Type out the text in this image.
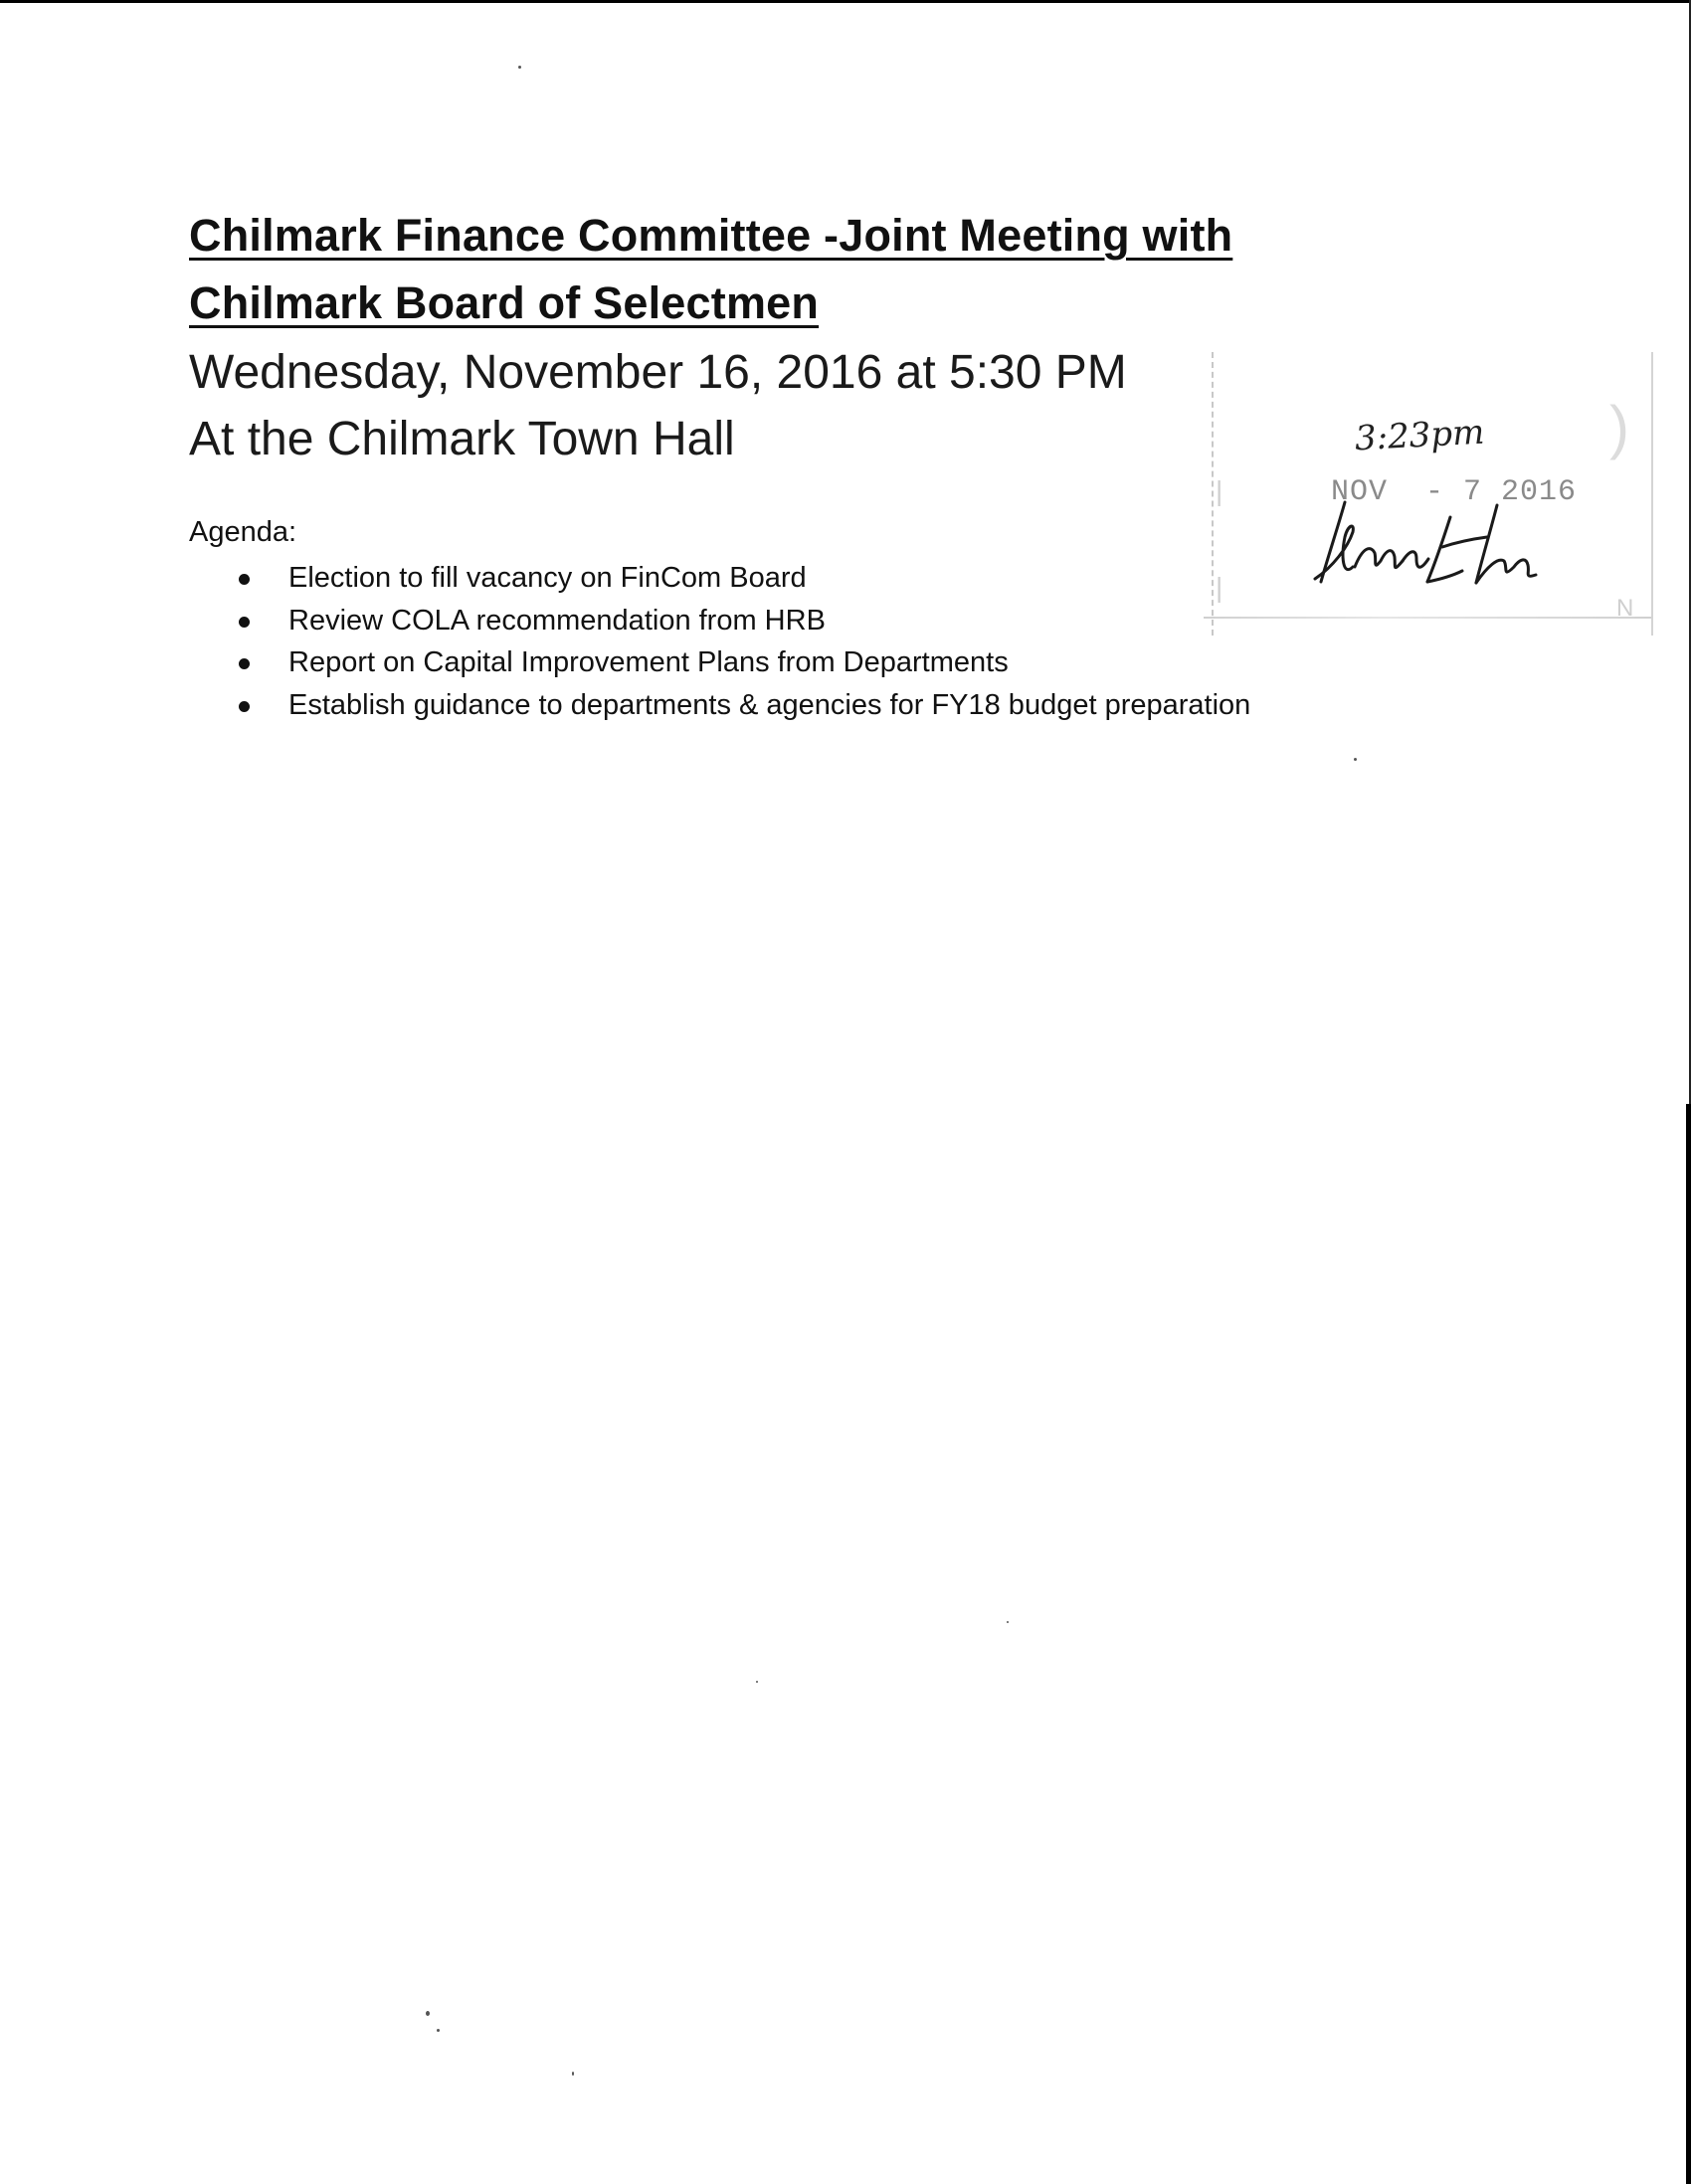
Chilmark Finance Committee -Joint Meeting with
Chilmark Board of Selectmen
Wednesday, November 16, 2016 at 5:30 PM
At the Chilmark Town Hall
Agenda:
Election to fill vacancy on FinCom Board
Review COLA recommendation from HRB
Report on Capital Improvement Plans from Departments
Establish guidance to departments & agencies for FY18 budget preparation
|
|
N
)
3:23pm
NOV  - 7 2016
